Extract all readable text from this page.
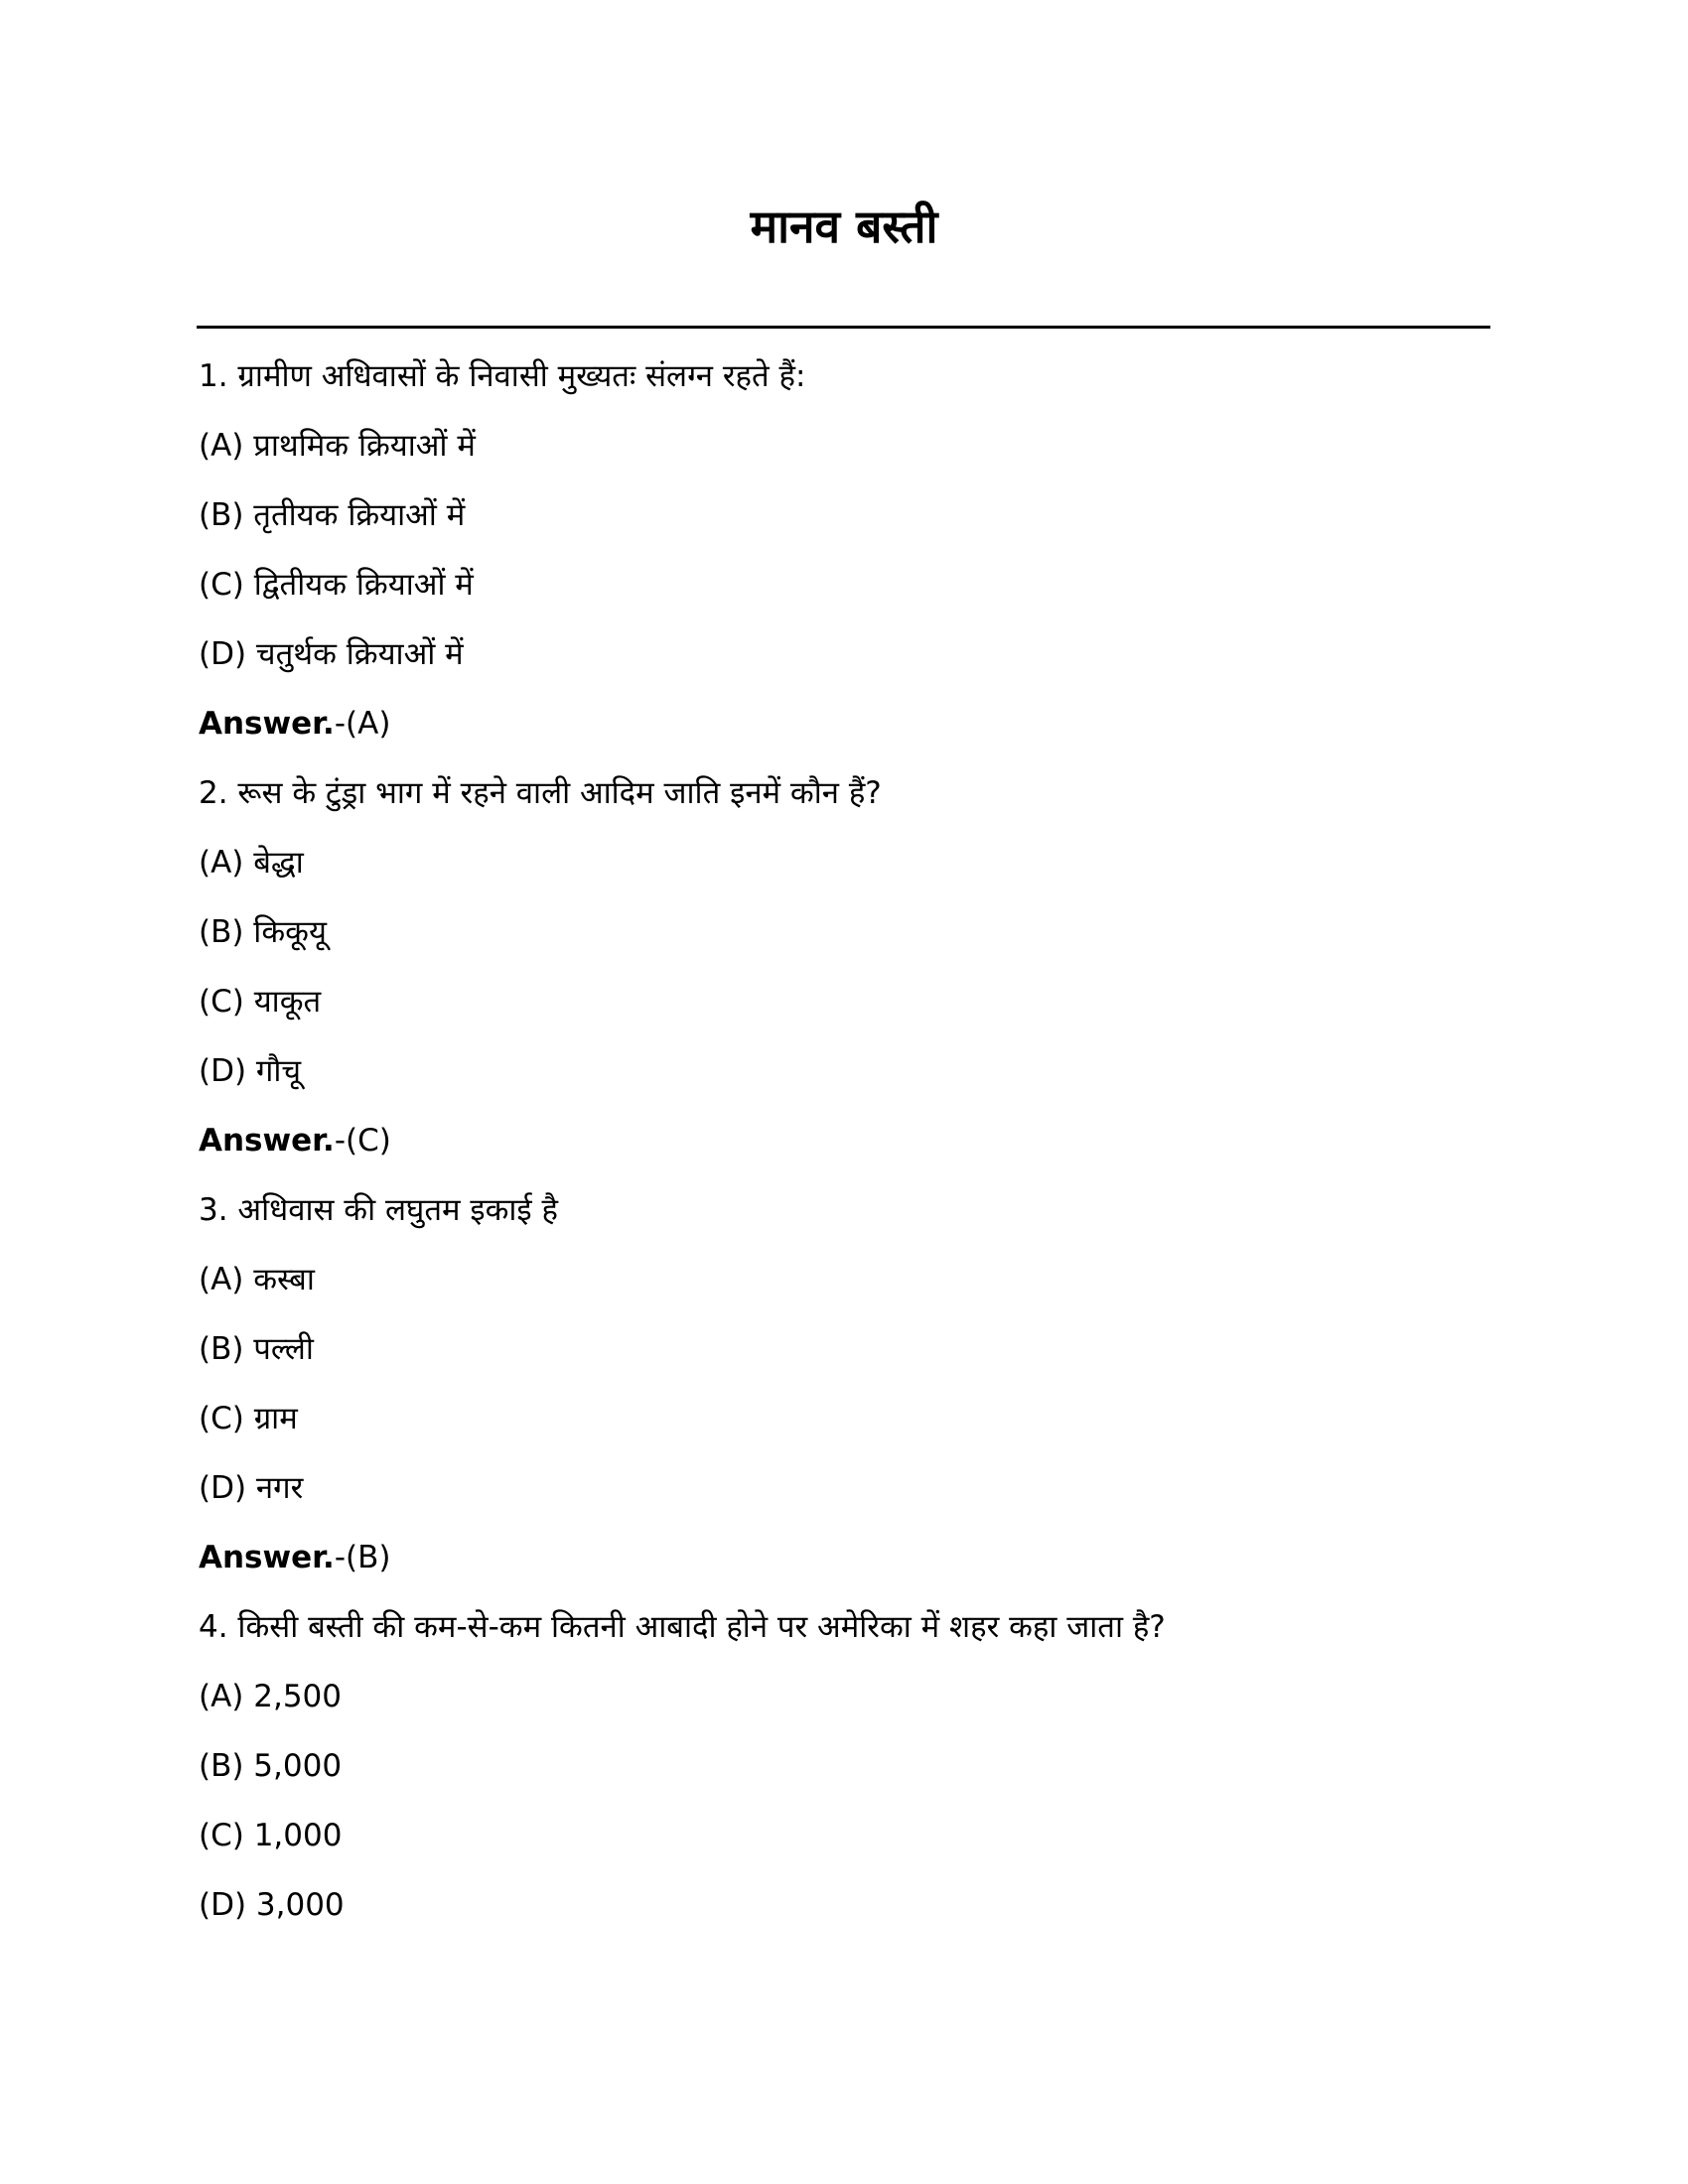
मानव बस्ती
1. ग्रामीण अधिवासों के निवासी मुख्यतः संलग्न रहते हैं:
(A) प्राथमिक क्रियाओं में
(B) तृतीयक क्रियाओं में
(C) द्वितीयक क्रियाओं में
(D) चतुर्थक क्रियाओं में
Answer.-(A)
2. रूस के टुंड्रा भाग में रहने वाली आदिम जाति इनमें कौन हैं?
(A) बेद्धा
(B) किकूयू
(C) याकूत
(D) गौचू
Answer.-(C)
3. अधिवास की लघुतम इकाई है
(A) कस्बा
(B) पल्ली
(C) ग्राम
(D) नगर
Answer.-(B)
4. किसी बस्ती की कम-से-कम कितनी आबादी होने पर अमेरिका में शहर कहा जाता है?
(A) 2,500
(B) 5,000
(C) 1,000
(D) 3,000
